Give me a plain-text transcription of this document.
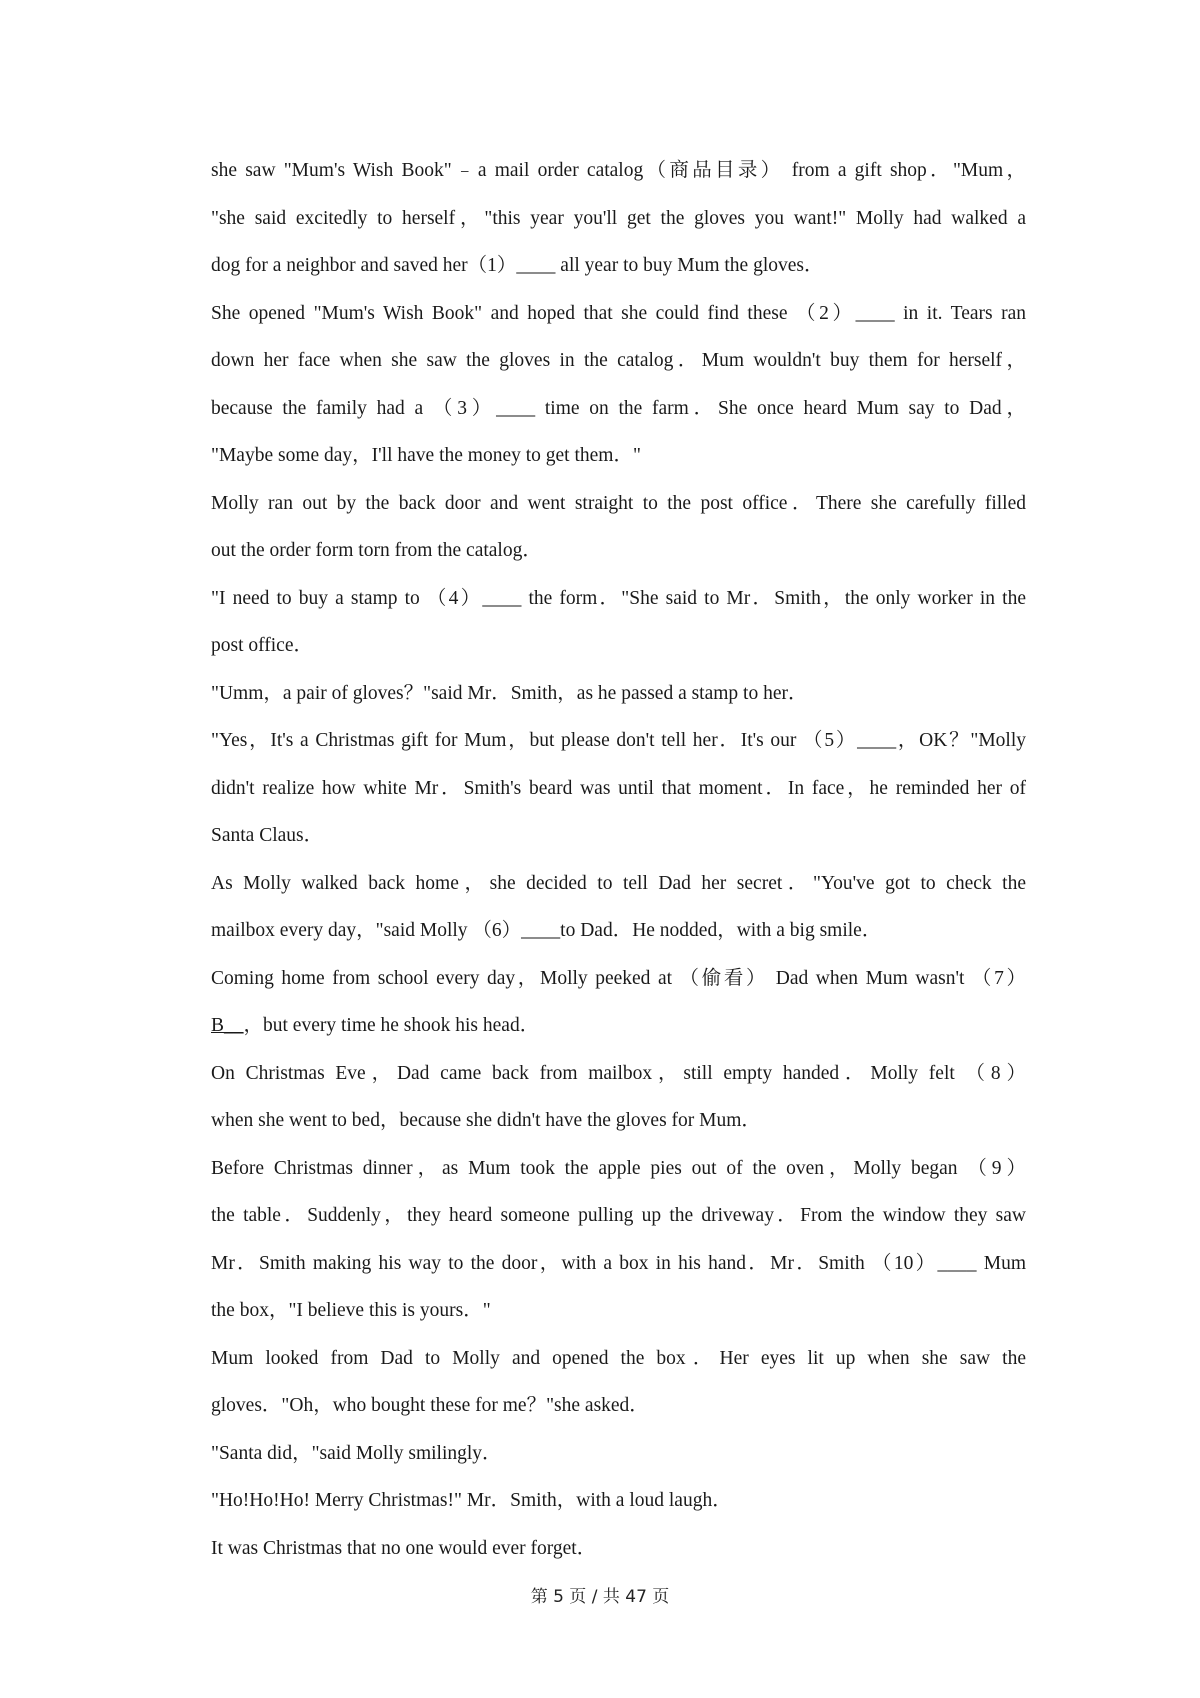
she saw "Mum's Wish Book"﹣a mail order catalog（商品目录） from a gift shop．"Mum，
"she said excitedly to herself，"this year you'll get the gloves you want!" Molly had walked a
dog for a neighbor and saved her（1）____ all year to buy Mum the gloves．
She opened "Mum's Wish Book" and hoped that she could find these （2）____ in it. Tears ran
down her face when she saw the gloves in the catalog．Mum wouldn't buy them for herself，
because the family had a （3）____ time on the farm．She once heard Mum say to Dad，
"Maybe some day，I'll have the money to get them．"
Molly ran out by the back door and went straight to the post office．There she carefully filled
out the order form torn from the catalog．
"I need to buy a stamp to （4）____ the form．"She said to Mr．Smith，the only worker in the
post office．
"Umm，a pair of gloves？"said Mr．Smith，as he passed a stamp to her．
"Yes，It's a Christmas gift for Mum，but please don't tell her．It's our （5）____，OK？"Molly
didn't realize how white Mr．Smith's beard was until that moment．In face，he reminded her of
Santa Claus．
As Molly walked back home，she decided to tell Dad her secret．"You've got to check the
mailbox every day，"said Molly （6）____to Dad．He nodded，with a big smile．
Coming home from school every day，Molly peeked at （偷看） Dad when Mum wasn't （7）
B__，but every time he shook his head．
On Christmas Eve，Dad came back from mailbox，still empty handed．Molly felt （8）
when she went to bed，because she didn't have the gloves for Mum．
Before Christmas dinner，as Mum took the apple pies out of the oven，Molly began （9）
the table．Suddenly，they heard someone pulling up the driveway．From the window they saw
Mr．Smith making his way to the door，with a box in his hand．Mr．Smith （10）____ Mum
the box，"I believe this is yours．"
Mum looked from Dad to Molly and opened the box．Her eyes lit up when she saw the
gloves．"Oh，who bought these for me？"she asked．
"Santa did，"said Molly smilingly．
"Ho!Ho!Ho! Merry Christmas!" Mr．Smith，with a loud laugh．
It was Christmas that no one would ever forget．
第 5 页 / 共 47 页
